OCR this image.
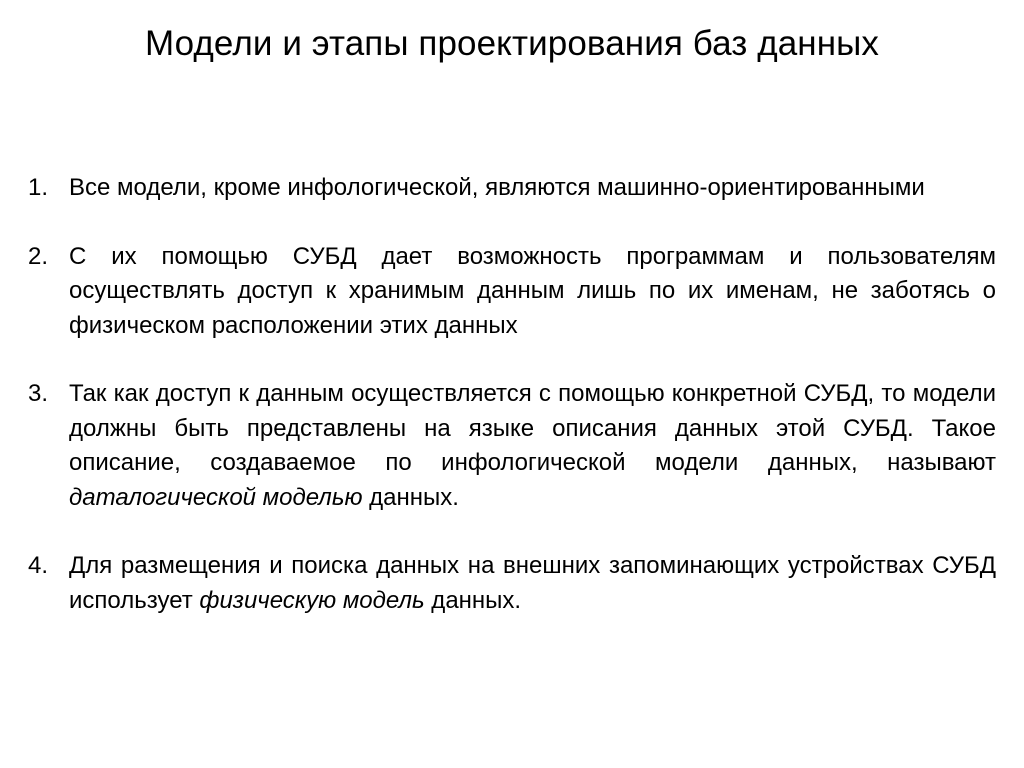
Модели и этапы проектирования баз данных
1. Все модели, кроме инфологической, являются машинно-ориентированными
2. С их помощью СУБД дает возможность программам и пользователям осуществлять доступ к хранимым данным лишь по их именам, не заботясь о физическом расположении этих данных
3. Так как доступ к данным осуществляется с помощью конкретной СУБД, то модели должны быть представлены на языке описания данных этой СУБД. Такое описание, создаваемое по инфологической модели данных, называют даталогической моделью данных.
4. Для размещения и поиска данных на внешних запоминающих устройствах СУБД использует физическую модель данных.
